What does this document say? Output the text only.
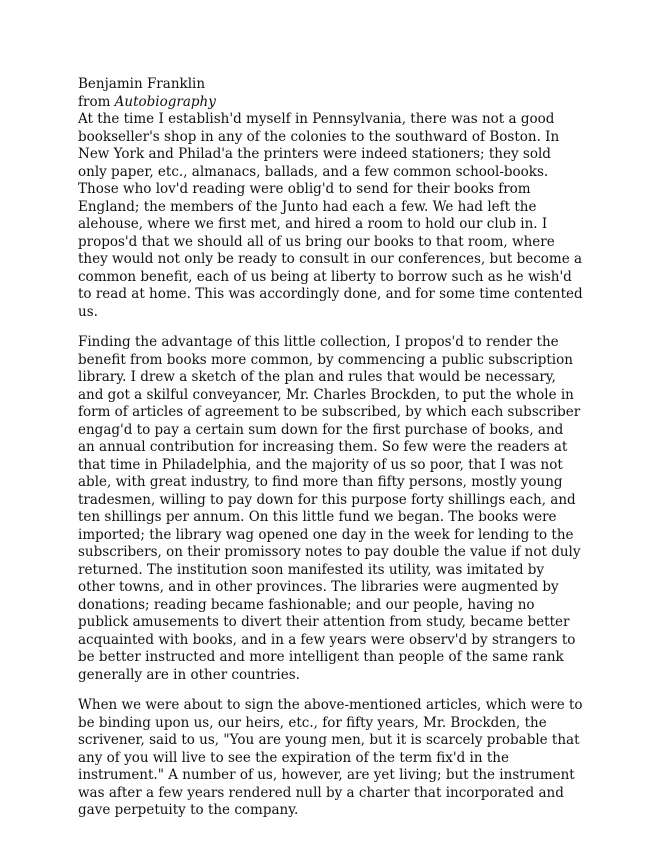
Benjamin Franklin
from Autobiography

At the time I establish'd myself in Pennsylvania, there was not a good bookseller's shop in any of the colonies to the southward of Boston. In New York and Philad'a the printers were indeed stationers; they sold only paper, etc., almanacs, ballads, and a few common school-books. Those who lov'd reading were oblig'd to send for their books from England; the members of the Junto had each a few. We had left the alehouse, where we first met, and hired a room to hold our club in. I propos'd that we should all of us bring our books to that room, where they would not only be ready to consult in our conferences, but become a common benefit, each of us being at liberty to borrow such as he wish'd to read at home. This was accordingly done, and for some time contented us.

Finding the advantage of this little collection, I propos'd to render the benefit from books more common, by commencing a public subscription library. I drew a sketch of the plan and rules that would be necessary, and got a skilful conveyancer, Mr. Charles Brockden, to put the whole in form of articles of agreement to be subscribed, by which each subscriber engag'd to pay a certain sum down for the first purchase of books, and an annual contribution for increasing them. So few were the readers at that time in Philadelphia, and the majority of us so poor, that I was not able, with great industry, to find more than fifty persons, mostly young tradesmen, willing to pay down for this purpose forty shillings each, and ten shillings per annum. On this little fund we began. The books were imported; the library wag opened one day in the week for lending to the subscribers, on their promissory notes to pay double the value if not duly returned. The institution soon manifested its utility, was imitated by other towns, and in other provinces. The libraries were augmented by donations; reading became fashionable; and our people, having no publick amusements to divert their attention from study, became better acquainted with books, and in a few years were observ'd by strangers to be better instructed and more intelligent than people of the same rank generally are in other countries.

When we were about to sign the above-mentioned articles, which were to be binding upon us, our heirs, etc., for fifty years, Mr. Brockden, the scrivener, said to us, "You are young men, but it is scarcely probable that any of you will live to see the expiration of the term fix'd in the instrument." A number of us, however, are yet living; but the instrument was after a few years rendered null by a charter that incorporated and gave perpetuity to the company.
